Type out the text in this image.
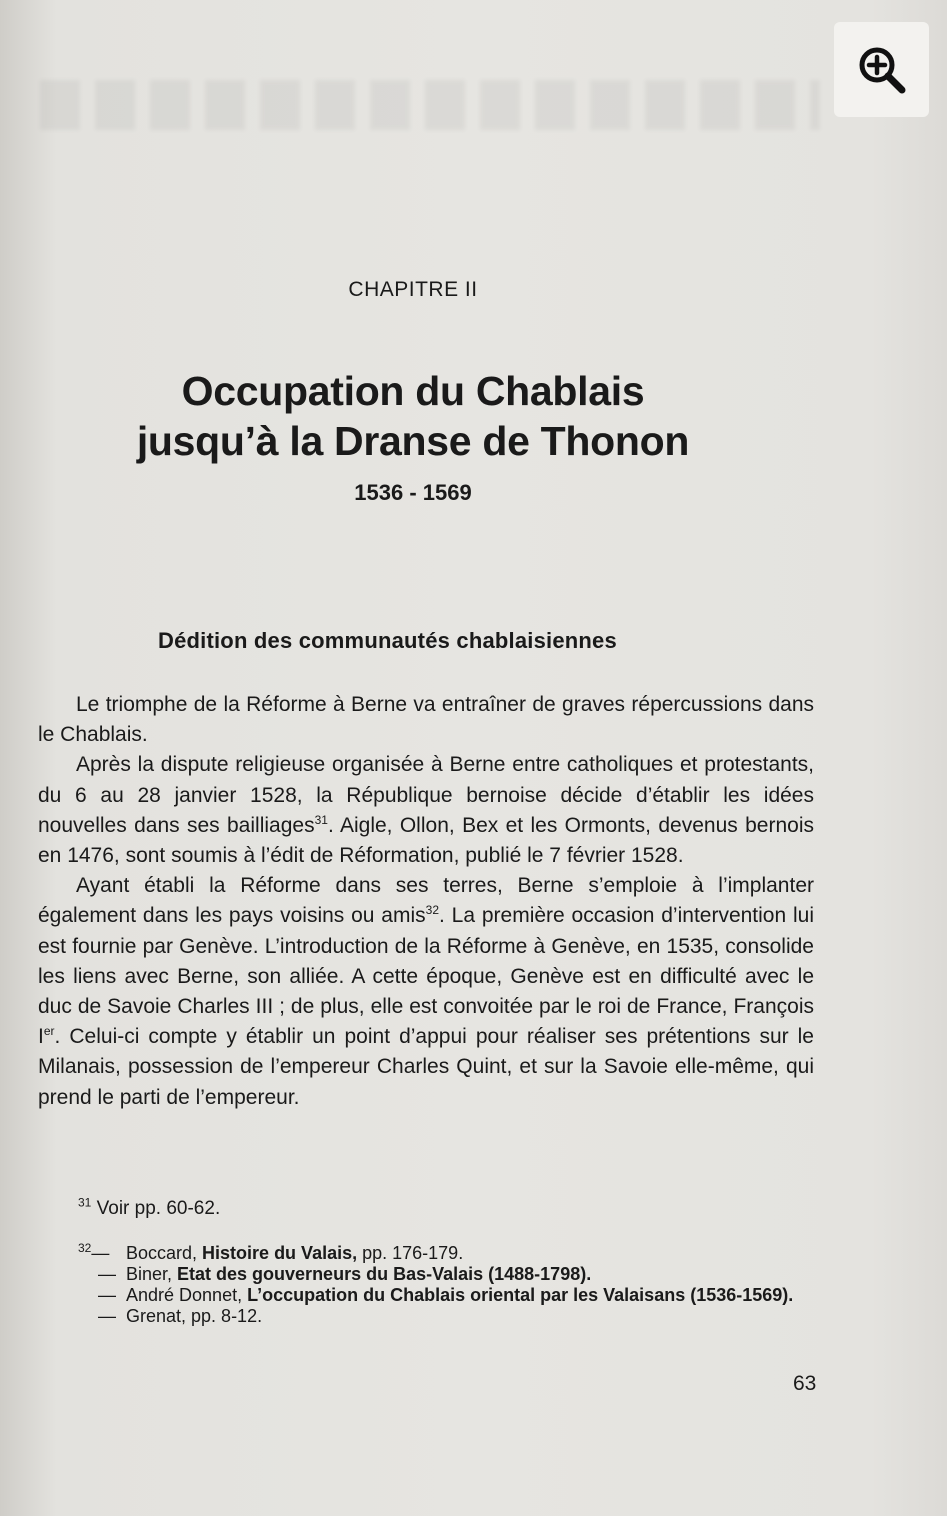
CHAPITRE II
Occupation du Chablais
jusqu’à la Dranse de Thonon
1536 - 1569
Dédition des communautés chablaisiennes

Le triomphe de la Réforme à Berne va entraîner de graves répercussions dans le Chablais.

Après la dispute religieuse organisée à Berne entre catholiques et protestants, du 6 au 28 janvier 1528, la République bernoise décide d’établir les idées nouvelles dans ses bailliages$^{31}$. Aigle, Ollon, Bex et les Ormonts, devenus bernois en 1476, sont soumis à l’édit de Réformation, publié le 7 février 1528.

Ayant établi la Réforme dans ses terres, Berne s’emploie à l’implanter également dans les pays voisins ou amis$^{32}$. La première occasion d’intervention lui est fournie par Genève. L’introduction de la Réforme à Genève, en 1535, consolide les liens avec Berne, son alliée. A cette époque, Genève est en difficulté avec le duc de Savoie Charles III ; de plus, elle est convoitée par le roi de France, François Ier. Celui-ci compte y établir un point d’appui pour réaliser ses prétentions sur le Milanais, possession de l’empereur Charles Quint, et sur la Savoie elle-même, qui prend le parti de l’empereur.

$^{31}$ Voir pp. 60-62.
$^{32}$— Boccard, Histoire du Valais, pp. 176-179.
— Biner, Etat des gouverneurs du Bas-Valais (1488-1798).
— André Donnet, L’occupation du Chablais oriental par les Valaisans (1536-1569).
— Grenat, pp. 8-12.
63
